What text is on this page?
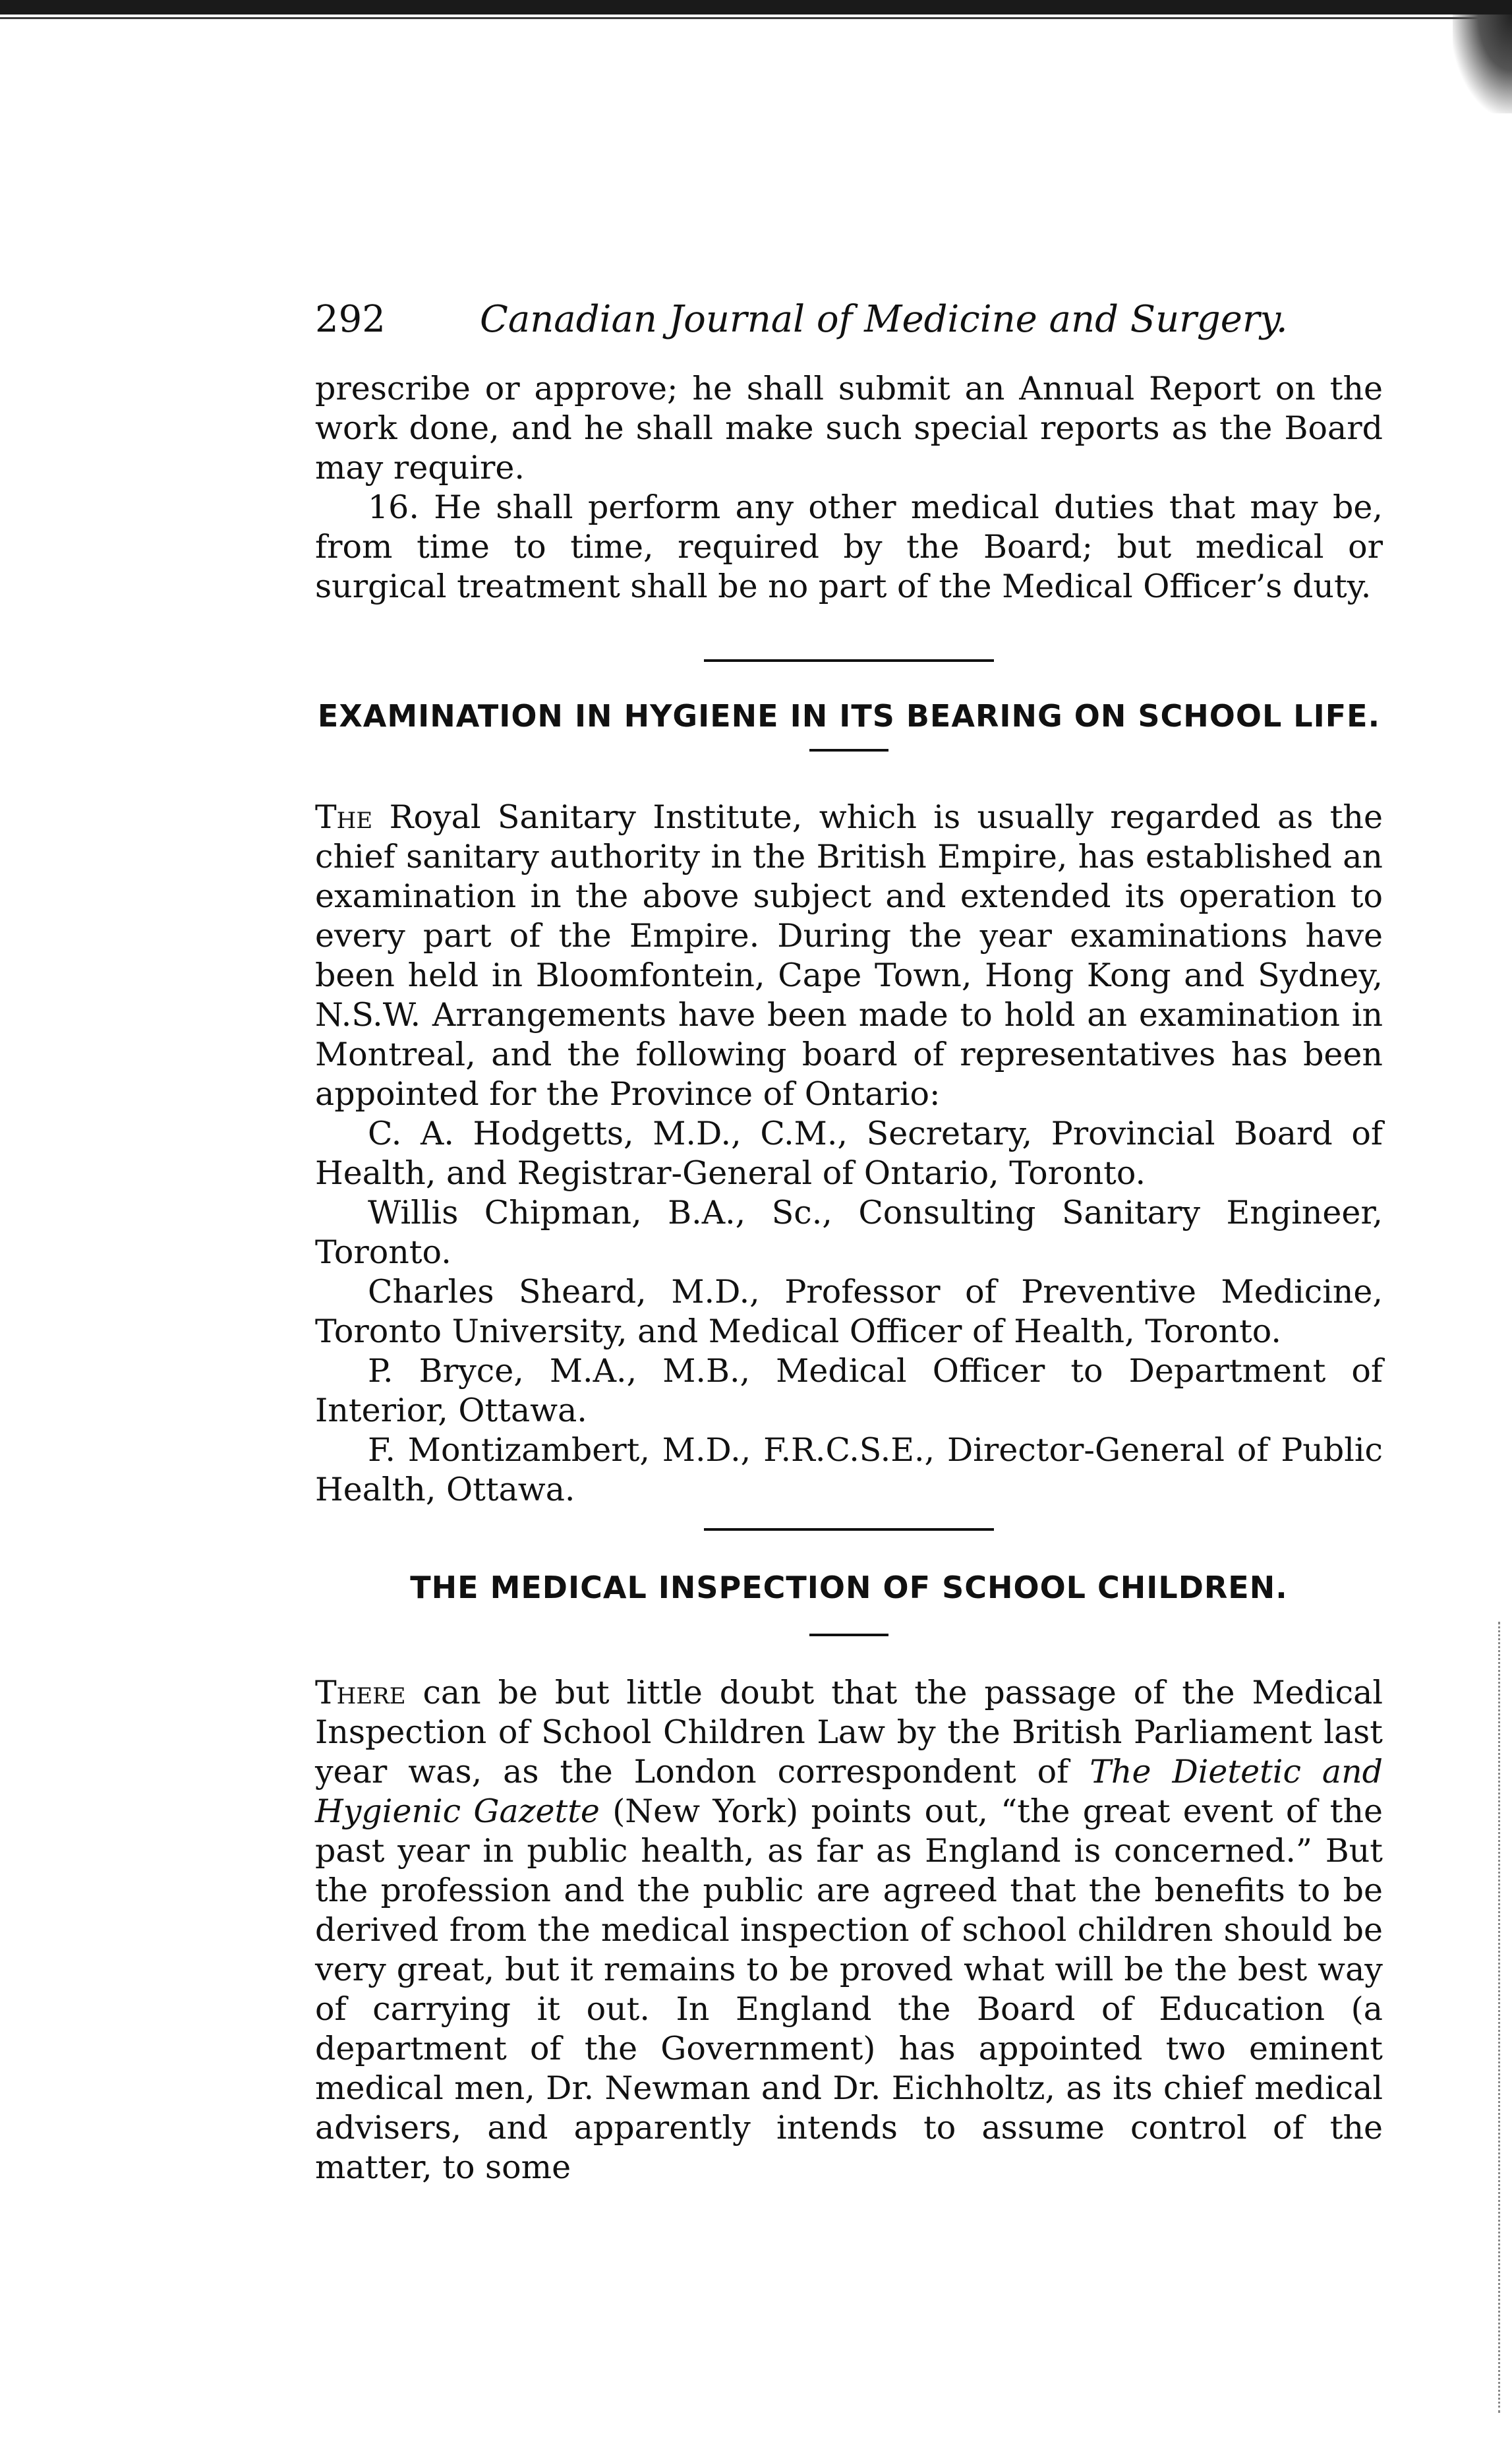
292	Canadian Journal of Medicine and Surgery.

prescribe or approve; he shall submit an Annual Report on the work done, and he shall make such special reports as the Board may require.

16. He shall perform any other medical duties that may be, from time to time, required by the Board; but medical or surgical treatment shall be no part of the Medical Officer’s duty.

EXAMINATION IN HYGIENE IN ITS BEARING ON SCHOOL LIFE.

The Royal Sanitary Institute, which is usually regarded as the chief sanitary authority in the British Empire, has established an examination in the above subject and extended its operation to every part of the Empire. During the year examinations have been held in Bloomfontein, Cape Town, Hong Kong and Sydney, N.S.W. Arrangements have been made to hold an examination in Montreal, and the following board of representatives has been appointed for the Province of Ontario:

C. A. Hodgetts, M.D., C.M., Secretary, Provincial Board of Health, and Registrar-General of Ontario, Toronto.

Willis Chipman, B.A., Sc., Consulting Sanitary Engineer, Toronto.

Charles Sheard, M.D., Professor of Preventive Medicine, Toronto University, and Medical Officer of Health, Toronto.

P. Bryce, M.A., M.B., Medical Officer to Department of Interior, Ottawa.

F. Montizambert, M.D., F.R.C.S.E., Director-General of Public Health, Ottawa.

THE MEDICAL INSPECTION OF SCHOOL CHILDREN.

There can be but little doubt that the passage of the Medical Inspection of School Children Law by the British Parliament last year was, as the London correspondent of The Dietetic and Hygienic Gazette (New York) points out, “the great event of the past year in public health, as far as England is concerned.” But the profession and the public are agreed that the benefits to be derived from the medical inspection of school children should be very great, but it remains to be proved what will be the best way of carrying it out. In England the Board of Education (a department of the Government) has appointed two eminent medical men, Dr. Newman and Dr. Eichholtz, as its chief medical advisers, and apparently intends to assume control of the matter, to some
